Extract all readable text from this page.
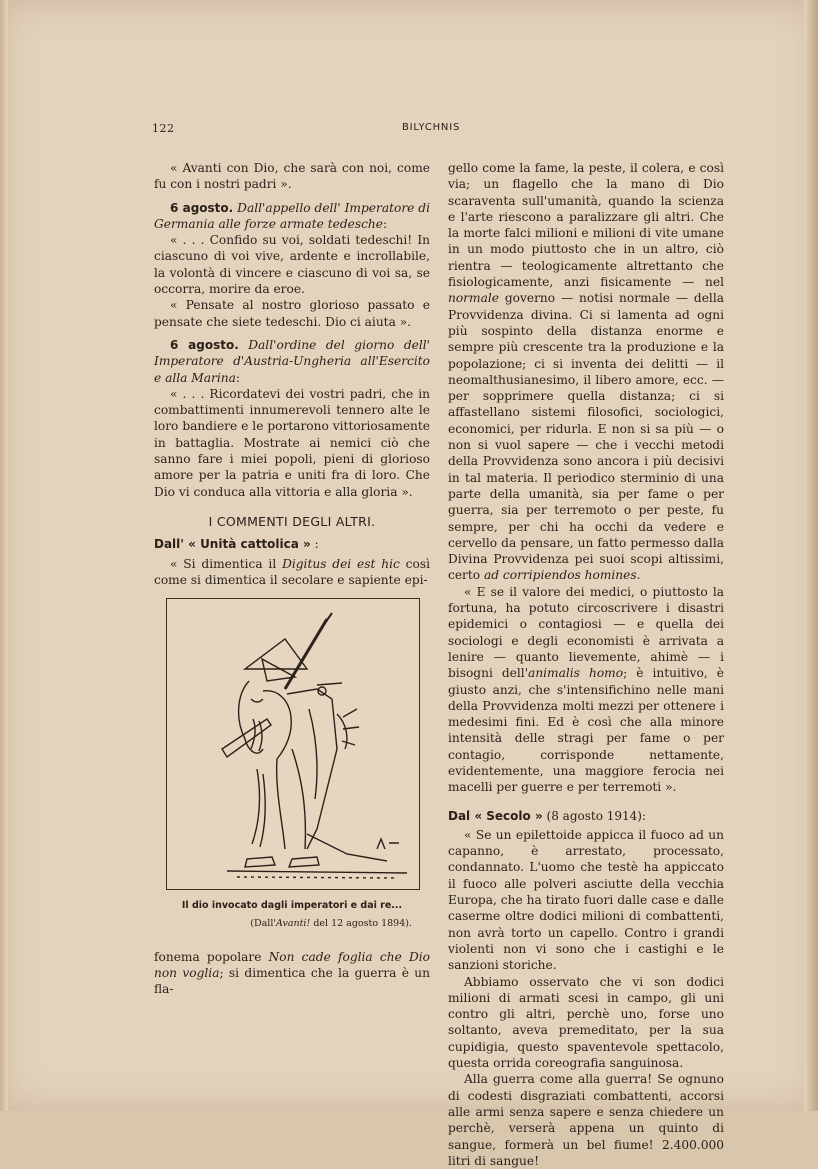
122	BILYCHNIS

« Avanti con Dio, che sarà con noi, come fu con i nostri padri ».

6 agosto. Dall'appello dell' Imperatore di Germania alle forze armate tedesche:

« . . . Confido su voi, soldati tedeschi! In ciascuno di voi vive, ardente e incrollabile, la volontà di vincere e ciascuno di voi sa, se occorra, morire da eroe.

« Pensate al nostro glorioso passato e pensate che siete tedeschi. Dio ci aiuta ».

6 agosto. Dall'ordine del giorno dell' Imperatore d'Austria-Ungheria all'Esercito e alla Marina:

« . . . Ricordatevi dei vostri padri, che in combattimenti innumerevoli tennero alte le loro bandiere e le portarono vittoriosamente in battaglia. Mostrate ai nemici ciò che sanno fare i miei popoli, pieni di glorioso amore per la patria e uniti fra di loro. Che Dio vi conduca alla vittoria e alla gloria ».

I COMMENTI DEGLI ALTRI.
Dall' « Unità cattolica » :

« Si dimentica il Digitus dei est hic così come si dimentica il secolare e sapiente epi-

Il dio invocato dagli imperatori e dai re...
(Dall'Avanti! del 12 agosto 1894).

fonema popolare Non cade foglia che Dio non voglia; si dimentica che la guerra è un fla-

gello come la fame, la peste, il colera, e così via; un flagello che la mano di Dio scaraventa sull'umanità, quando la scienza e l'arte riescono a paralizzare gli altri. Che la morte falci milioni e milioni di vite umane in un modo piuttosto che in un altro, ciò rientra — teologicamente altrettanto che fisiologicamente, anzi fisicamente — nel normale governo — notisi normale — della Provvidenza divina. Ci si lamenta ad ogni più sospinto della distanza enorme e sempre più crescente tra la produzione e la popolazione; ci si inventa dei delitti — il neomalthusianesimo, il libero amore, ecc. — per sopprimere quella distanza; ci si affastellano sistemi filosofici, sociologici, economici, per ridurla. E non si sa più — o non si vuol sapere — che i vecchi metodi della Provvidenza sono ancora i più decisivi in tal materia. Il periodico sterminio di una parte della umanità, sia per fame o per guerra, sia per terremoto o per peste, fu sempre, per chi ha occhi da vedere e cervello da pensare, un fatto permesso dalla Divina Provvidenza pei suoi scopi altissimi, certo ad corripiendos homines.

« E se il valore dei medici, o piuttosto la fortuna, ha potuto circoscrivere i disastri epidemici o contagiosi — e quella dei sociologi e degli economisti è arrivata a lenire — quanto lievemente, ahimè — i bisogni dell'animalis homo; è intuitivo, è giusto anzi, che s'intensifichino nelle mani della Provvidenza molti mezzi per ottenere i medesimi fini. Ed è così che alla minore intensità delle stragi per fame o per contagio, corrisponde nettamente, evidentemente, una maggiore ferocia nei macelli per guerre e per terremoti ».

Dal « Secolo » (8 agosto 1914):

« Se un epilettoide appicca il fuoco ad un capanno, è arrestato, processato, condannato. L'uomo che testè ha appiccato il fuoco alle polveri asciutte della vecchia Europa, che ha tirato fuori dalle case e dalle caserme oltre dodici milioni di combattenti, non avrà torto un capello. Contro i grandi violenti non vi sono che i castighi e le sanzioni storiche.

Abbiamo osservato che vi son dodici milioni di armati scesi in campo, gli uni contro gli altri, perchè uno, forse uno soltanto, aveva premeditato, per la sua cupidigia, questo spaventevole spettacolo, questa orrida coreografia sanguinosa.

Alla guerra come alla guerra! Se ognuno di codesti disgraziati combattenti, accorsi alle armi senza sapere e senza chiedere un perchè, verserà appena un quinto di sangue, formerà un bel fiume! 2.400.000 litri di sangue!
